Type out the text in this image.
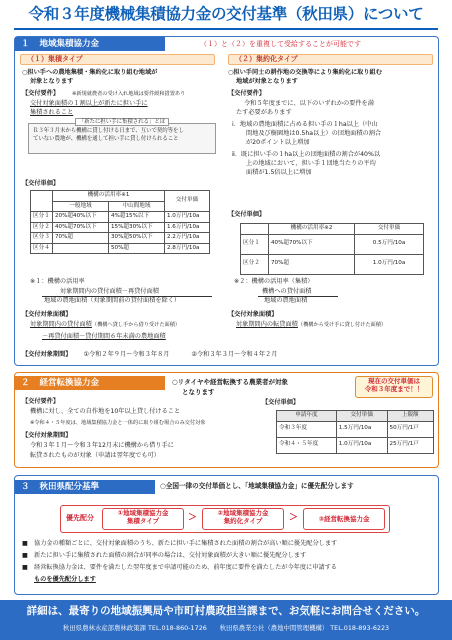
令和３年度機械集積協力金の交付基準（秋田県）について
１ 地域集積協力金	（１）と（２）を重複して受給することが可能です
（１）集積タイプ
○担い手への農地集積・集約化に取り組む地域が
対象となります
【交付要件】 ※新規就農者の受け入れ地域は要件緩和措置あり
交付対象面積の１割以上が新たに担い手に
集積されること
「新たに担い手に集積される」とは
Ｒ３年３月末から機構に貸し付ける日まで、互いで契約等をし
ていない農地が、機構を通して担い手に貸し付けられること
【交付単価】
	機構の活用率※1		交付単価
	一般地域	中山間地域	
区分１	20%超40%以下	4%超15%以下	1.0万円/10a
区分２	40%超70%以下	15%超30%以下	1.6万円/10a
区分３	70%超	30%超50%以下	2.2万円/10a
区分４		50%超	2.8万円/10a
※１：機構の活用率
対象期間内の貸付面積－再貸付面積
地域の農地面積（対象期間前の貸付面積を除く）
【交付対象面積】
対象期間内の貸付面積（機構へ貸し手から借り受けた面積）
－再貸付面積－貸付期間６年未満の農地面積
（２）集約化タイプ
○担い手同士の耕作地の交換等により集約化に取り組む
地域が対象となります
【交付要件】
令和５年度までに、以下のいずれかの要件を満
たす必要があります
ⅰ．地域の農地面積に占める担い手の１ha以上（中山
間地及び樹園地は0.5ha以上）の団地面積の割合
が20ポイント以上増加
ⅱ．既に担い手の１ha以上の団地面積の割合が40%以
上の地域において、担い手１団地当たりの平均
面積が1.5倍以上に増加
【交付単価】
	機構の活用率※2	交付単価
区分１	40%超70%以下	0.5万円/10a
区分２	70%超	1.0万円/10a
※２：機構の活用率（集積）
機構への貸付面積
地域の農地面積
【交付対象面積】
対象期間内の転貸面積（機構から受け手に貸し付けた面積）
【交付対象期間】 ①令和２年９月～令和３年８月	②令和３年３月～令和４年２月
２ 経営転換協力金	○リタイヤや経営転換する農業者が対象
となります
現在の交付単価は
令和３年度まで！！
【交付要件】
機構に対し、全ての自作地を10年以上貸し付けること
※令和４・５年度は、地域集積協力金と一体的に取り組む場合のみ交付対象
【交付対象期間】
令和３年１月～令和３年12月末に機構から借り手に
転貸されたものが対象（申請は翌年度でも可）
【交付単価】
申請年度	交付単価	上限額
令和３年度	1.5万円/10a	50万円/1戸
令和４・５年度	1.0万円/10a	25万円/1戸
３ 秋田県配分基準	○全国一律の交付単価とし、「地域集積協力金」に優先配分します
優先配分
①地域集積協力金
集積タイプ	＞	②地域集積協力金
集約化タイプ	＞	③経営転換協力金
■　協力金の種類ごとに、交付対象面積のうち、新たに担い手に集積された面積の割合が高い順に優先配分します
■　新たに担い手に集積された面積の割合が同率の場合は、交付対象面積が大きい順に優先配分します
■　経営転換協力金は、要件を満たした翌年度まで申請可能のため、前年度に要件を満たしたが今年度に申請する
ものを優先配分します
詳細は、最寄りの地域振興局や市町村農政担当課まで、お気軽にお問合せください。
秋田県農林水産部農林政策課 TEL.018-860-1726　　秋田県農業公社（農地中間管理機構） TEL.018-893-6223
